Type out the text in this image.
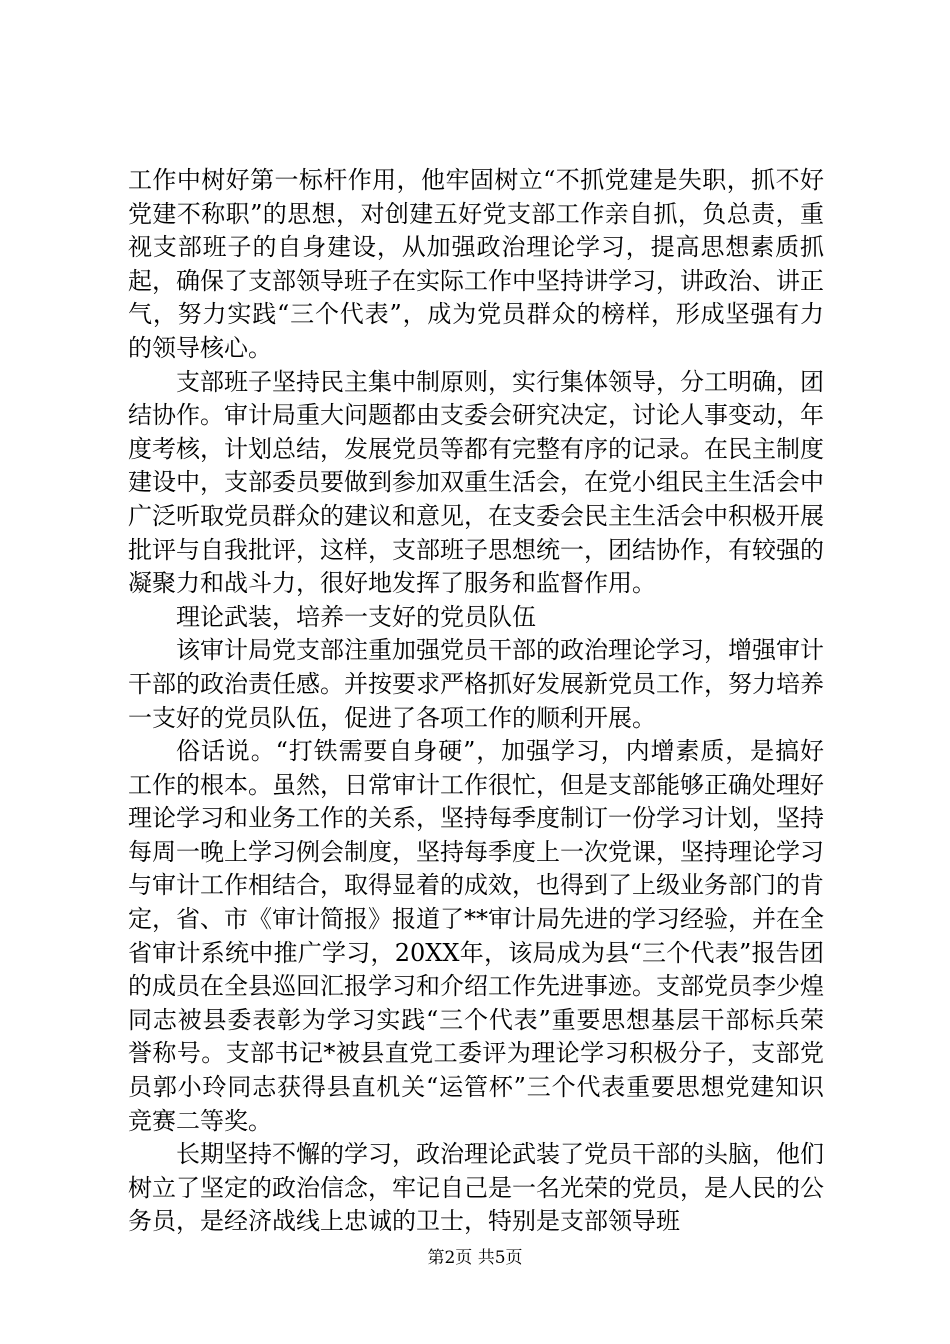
工作中树好第一标杆作用，他牢固树立“不抓党建是失职，抓不好党建不称职”的思想，对创建五好党支部工作亲自抓，负总责，重视支部班子的自身建设，从加强政治理论学习，提高思想素质抓起，确保了支部领导班子在实际工作中坚持讲学习，讲政治、讲正气，努力实践“三个代表”，成为党员群众的榜样，形成坚强有力的领导核心。

支部班子坚持民主集中制原则，实行集体领导，分工明确，团结协作。审计局重大问题都由支委会研究决定，讨论人事变动，年度考核，计划总结，发展党员等都有完整有序的记录。在民主制度建设中，支部委员要做到参加双重生活会，在党小组民主生活会中广泛听取党员群众的建议和意见，在支委会民主生活会中积极开展批评与自我批评，这样，支部班子思想统一，团结协作，有较强的凝聚力和战斗力，很好地发挥了服务和监督作用。

理论武装，培养一支好的党员队伍

该审计局党支部注重加强党员干部的政治理论学习，增强审计干部的政治责任感。并按要求严格抓好发展新党员工作，努力培养一支好的党员队伍，促进了各项工作的顺利开展。

俗话说。“打铁需要自身硬”，加强学习，内增素质，是搞好工作的根本。虽然，日常审计工作很忙，但是支部能够正确处理好理论学习和业务工作的关系，坚持每季度制订一份学习计划，坚持每周一晚上学习例会制度，坚持每季度上一次党课，坚持理论学习与审计工作相结合，取得显着的成效，也得到了上级业务部门的肯定，省、市《审计简报》报道了**审计局先进的学习经验，并在全省审计系统中推广学习，20XX年，该局成为县“三个代表”报告团的成员在全县巡回汇报学习和介绍工作先进事迹。支部党员李少煌同志被县委表彰为学习实践“三个代表”重要思想基层干部标兵荣誉称号。支部书记*被县直党工委评为理论学习积极分子，支部党员郭小玲同志获得县直机关“运管杯”三个代表重要思想党建知识竞赛二等奖。

长期坚持不懈的学习，政治理论武装了党员干部的头脑，他们树立了坚定的政治信念，牢记自己是一名光荣的党员，是人民的公务员，是经济战线上忠诚的卫士，特别是支部领导班

第2页 共5页
